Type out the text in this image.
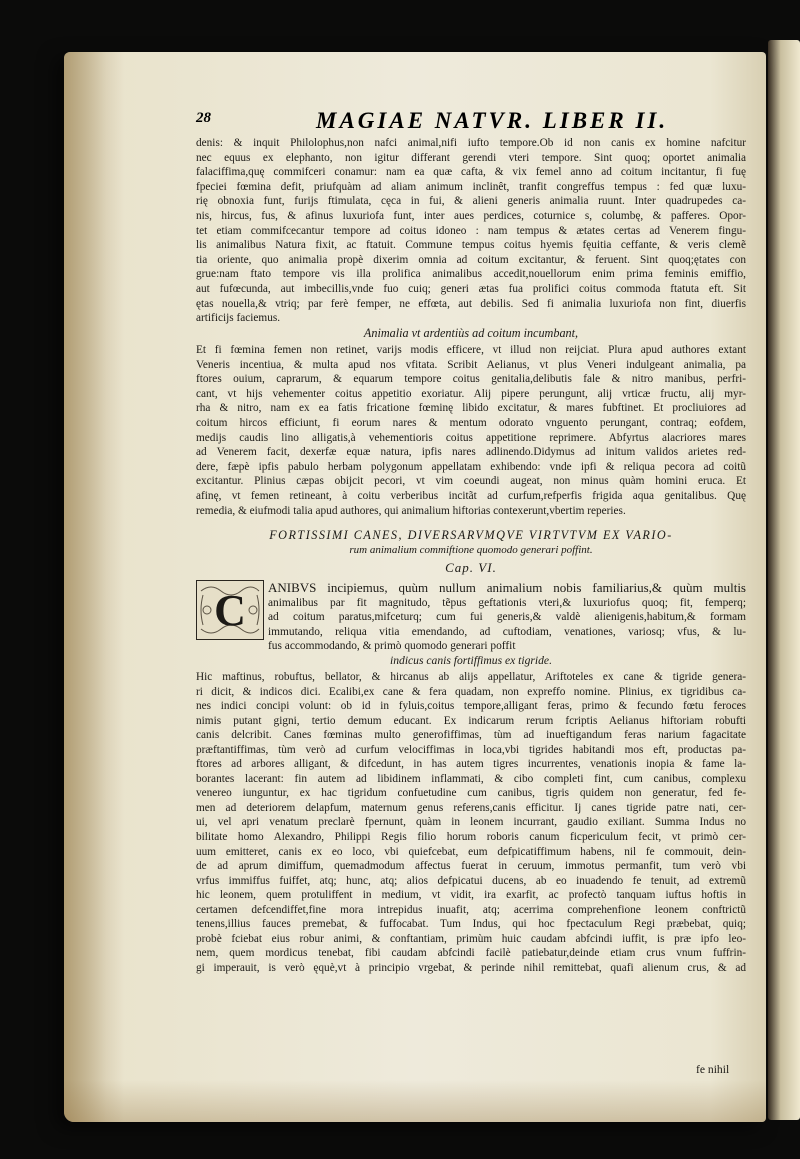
28	MAGIAE NATVR. LIBER II.
denis: & inquit Philolophus,non nafci animal,nifi iufto tempore.Ob id non canis ex homine nafcitur
nec equus ex elephanto, non igitur differant gerendi vteri tempore. Sint quoq; oportet animalia
falaciffima,quę commifceri conamur: nam ea quæ cafta, & vix femel anno ad coitum incitantur, fi fuę
fpeciei fœmina defit, priufquàm ad aliam animum inclinêt, tranfit congreffus tempus : fed quæ luxu-
rię obnoxia funt, furijs ftimulata, cęca in fui, & alieni generis animalia ruunt. Inter quadrupedes ca-
nis, hircus, fus, & afinus luxuriofa funt, inter aues perdices, coturnice s, columbę, & pafferes. Opor-
tet etiam commifcecantur tempore ad coitus idoneo : nam tempus & ætates certas ad Venerem fingu-
lis animalibus Natura fixit, ac ftatuit. Commune tempus coitus hyemis fęuitia ceffante, & veris clemẽ
tia oriente, quo animalia propè dixerim omnia ad coitum excitantur, & feruent. Sint quoq;ętates con
grue:nam ftato tempore vis illa prolifica animalibus accedit,nouellorum enim prima feminis emiffio,
aut fufœcunda, aut imbecillis,vnde fuo cuiq; generi ætas fua prolifici coitus commoda ftatuta eft. Sit
ętas nouella,& vtriq; par ferè femper, ne effœta, aut debilis. Sed fi animalia luxuriofa non fint, diuerfis
artificijs faciemus.
Animalia vt ardentiùs ad coitum incumbant,
Et fi fœmina femen non retinet, varijs modis efficere, vt illud non reijciat. Plura apud authores extant
Veneris incentiua, & multa apud nos vfitata. Scribit Aelianus, vt plus Veneri indulgeant animalia, pa
ftores ouium, caprarum, & equarum tempore coitus genitalia,delibutis fale & nitro manibus, perfri-
cant, vt hijs vehementer coitus appetitio exoriatur. Alij pipere perungunt, alij vrticæ fructu, alij myr-
rha & nitro, nam ex ea fatis fricatione fœminę libido excitatur, & mares fubftinet. Et procliuiores ad
coitum hircos efficiunt, fi eorum nares & mentum odorato vnguento perungant, contraq; eofdem,
medijs caudis lino alligatis,à vehementioris coitus appetitione reprimere. Abfyrtus alacriores mares
ad Venerem facit, dexerfæ equæ natura, ipfis nares adlinendo.Didymus ad initum validos arietes red-
dere, fæpè ipfis pabulo herbam polygonum appellatam exhibendo: vnde ipfi & reliqua pecora ad coitũ
excitantur. Plinius cæpas obijcit pecori, vt vim coeundi augeat, non minus quàm homini eruca. Et
afinę, vt femen retineant, à coitu verberibus incitãt ad curfum,refperfis frigida aqua genitalibus. Quę
remedia, & eiufmodi talia apud authores, qui animalium hiftorias contexerunt,vbertim reperies.
FORTISSIMI CANES, DIVERSARVMQVE VIRTVTVM EX VARIO-
rum animalium commiftione quomodo generari poffint.
Cap. VI.
C	ANIBVS incipiemus, quùm nullum animalium nobis familiarius,& quùm multis
animalibus par fit magnitudo, tẽpus geftationis vteri,& luxuriofus quoq; fit, femperq;
ad coitum paratus,mifceturq; cum fui generis,& valdè alienigenis,habitum,& formam
immutando, reliqua vitia emendando, ad cuftodiam, venationes, variosq; vfus, & lu-
fus accommodando, & primò quomodo generari poffit
indicus canis fortiffimus ex tigride.
Hic maftinus, robuftus, bellator, & hircanus ab alijs appellatur, Ariftoteles ex cane & tigride genera-
ri dicit, & indicos dici. Ecalibi,ex cane & fera quadam, non expreffo nomine. Plinius, ex tigridibus ca-
nes indici concipi volunt: ob id in fyluis,coitus tempore,alligant feras, primo & fecundo fœtu feroces
nimis putant gigni, tertio demum educant. Ex indicarum rerum fcriptis Aelianus hiftoriam robufti
canis delcribit. Canes fœminas multo generofiffimas, tùm ad inueftigandum feras narium fagacitate
præftantiffimas, tùm verò ad curfum velociffimas in loca,vbi tigrides habitandi mos eft, productas pa-
ftores ad arbores alligant, & difcedunt, in has autem tigres incurrentes, venationis inopia & fame la-
borantes lacerant: fin autem ad libidinem inflammati, & cibo completi fint, cum canibus, complexu
venereo iunguntur, ex hac tigridum confuetudine cum canibus, tigris quidem non generatur, fed fe-
men ad deteriorem delapfum, maternum genus referens,canis efficitur. Ij canes tigride patre nati, cer-
ui, vel apri venatum preclarè fpernunt, quàm in leonem incurrant, gaudio exiliant. Summa Indus no
bilitate homo Alexandro, Philippi Regis filio horum roboris canum ficpericulum fecit, vt primò cer-
uum emitteret, canis ex eo loco, vbi quiefcebat, eum defpicatiffimum habens, nil fe commouit, dein-
de ad aprum dimiffum, quemadmodum affectus fuerat in ceruum, immotus permanfit, tum verò vbi
vrfus immiffus fuiffet, atq; hunc, atq; alios defpicatui ducens, ab eo inuadendo fe tenuit, ad extremũ
hic leonem, quem protuliffent in medium, vt vidit, ira exarfit, ac profectò tanquam iuftus hoftis in
certamen defcendiffet,fine mora intrepidus inuafit, atq; acerrima comprehenfione leonem conftrictũ
tenens,illius fauces premebat, & fuffocabat. Tum Indus, qui hoc fpectaculum Regi præbebat, quiq;
probè fciebat eius robur animi, & conftantiam, primùm huic caudam abfcindi iuffit, is præ ipfo leo-
nem, quem mordicus tenebat, fibi caudam abfcindi facilè patiebatur,deinde etiam crus vnum fuffrin-
gi imperauit, is verò ęquè,vt à principio vrgebat, & perinde nihil remittebat, quafi alienum crus, & ad
fe nihil
